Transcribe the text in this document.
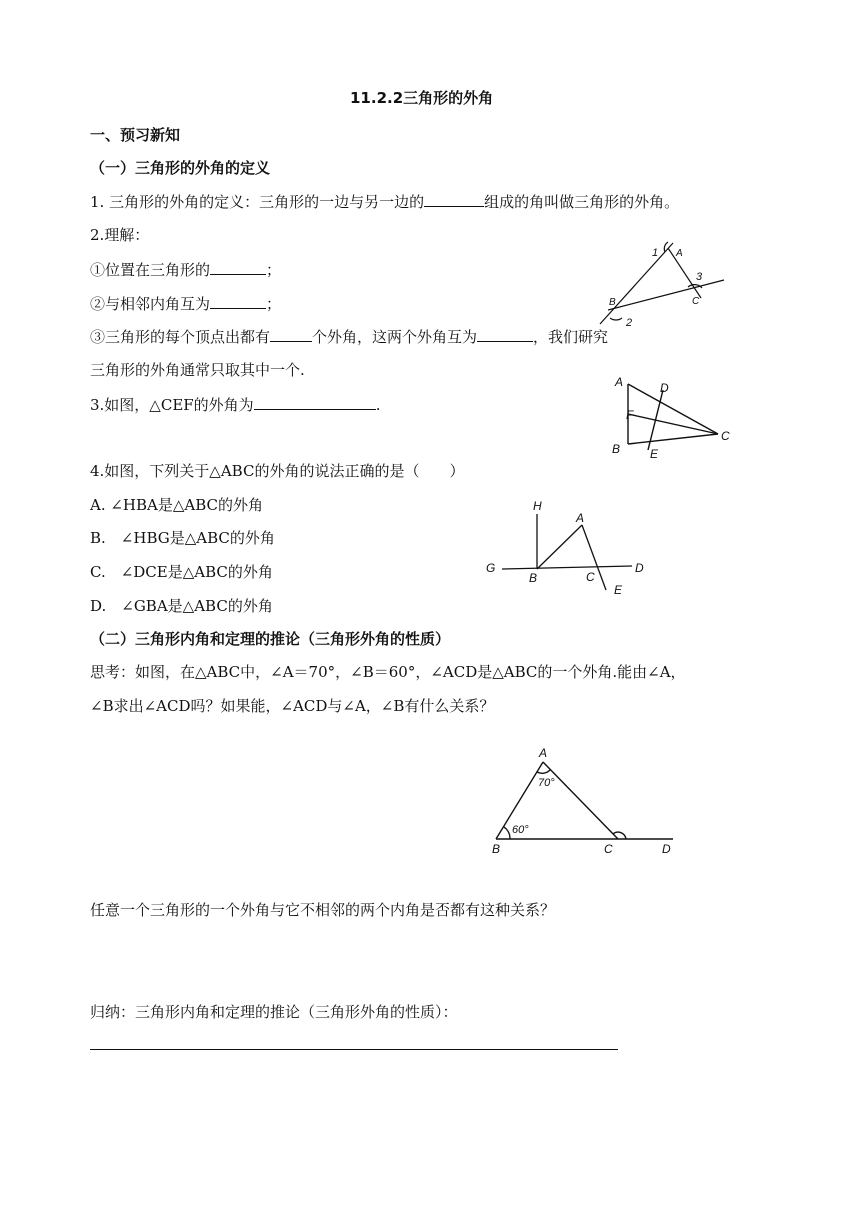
11.2.2三角形的外角
一、预习新知
（一）三角形的外角的定义
1. 三角形的外角的定义：三角形的一边与另一边的	组成的角叫做三角形的外角。
2.理解：
①位置在三角形的	；
②与相邻内角互为	；
③三角形的每个顶点出都有	个外角，这两个外角互为	，我们研究
三角形的外角通常只取其中一个.
3.如图，△CEF的外角为	.
4.如图，下列关于△ABC的外角的说法正确的是（　　）
A. ∠HBA是△ABC的外角
B.　∠HBG是△ABC的外角
C.　∠DCE是△ABC的外角
D.　∠GBA是△ABC的外角
（二）三角形内角和定理的推论（三角形外角的性质）
思考：如图，在△ABC中，∠A＝70°，∠B＝60°，∠ACD是△ABC的一个外角.能由∠A，
∠B求出∠ACD吗？如果能，∠ACD与∠A，∠B有什么关系？
任意一个三角形的一个外角与它不相邻的两个内角是否都有这种关系？
归纳：三角形内角和定理的推论（三角形外角的性质）：
1 A
3
B	C
2
A	D
F
C
B E
H
A
G
B	C
D
E
A
70°
60°
B	C	D
